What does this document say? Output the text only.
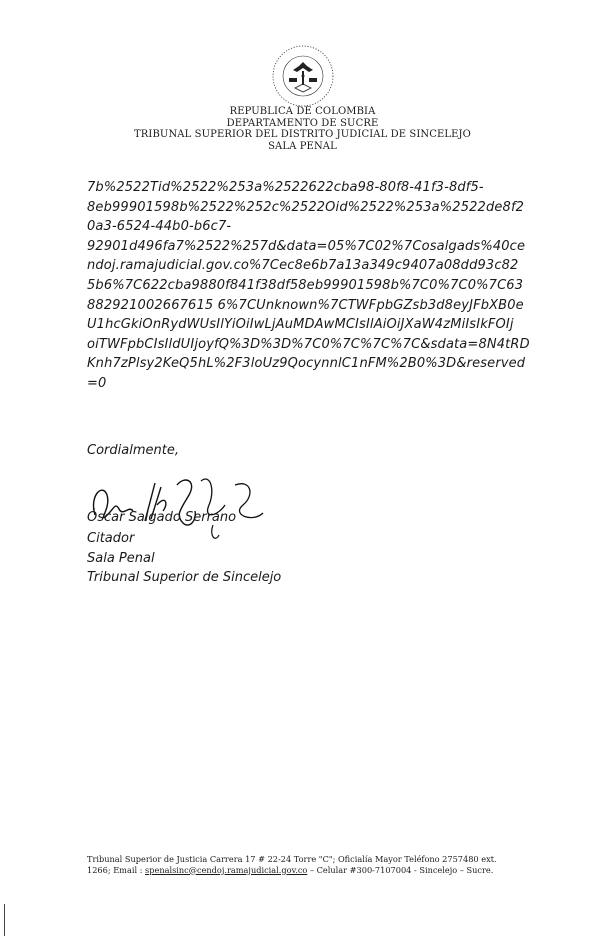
REPUBLICA DE COLOMBIA
DEPARTAMENTO DE SUCRE
TRIBUNAL SUPERIOR DEL DISTRITO JUDICIAL DE SINCELEJO
SALA PENAL
7b%2522Tid%2522%253a%2522622cba98-80f8-41f3-8df5-
8eb99901598b%2522%252c%2522Oid%2522%253a%2522de8f2
0a3-6524-44b0-b6c7-
92901d496fa7%2522%257d&data=05%7C02%7Cosalgads%40ce
ndoj.ramajudicial.gov.co%7Cec8e6b7a13a349c9407a08dd93c82
5b6%7C622cba9880f841f38df58eb99901598b%7C0%7C0%7C63
882921002667615 6%7CUnknown%7CTWFpbGZsb3d8eyJFbXB0e
U1hcGkiOnRydWUsIlYiOiIwLjAuMDAwMCIsIlAiOiJXaW4zMiIsIkFOIj
oiTWFpbCIsIldUIjoyfQ%3D%3D%7C0%7C%7C%7C&sdata=8N4tRD
Knh7zPlsy2KeQ5hL%2F3loUz9QocynnlC1nFM%2B0%3D&reserved
=0
Cordialmente,
Óscar Salgado Serrano
Citador
Sala Penal
Tribunal Superior de Sincelejo
Tribunal Superior de Justicia Carrera 17 # 22-24 Torre "C"; Oficialía Mayor Teléfono 2757480 ext.
1266; Email : spenalsinc@cendoj.ramajudicial.gov.co – Celular #300-7107004 - Sincelejo – Sucre.
